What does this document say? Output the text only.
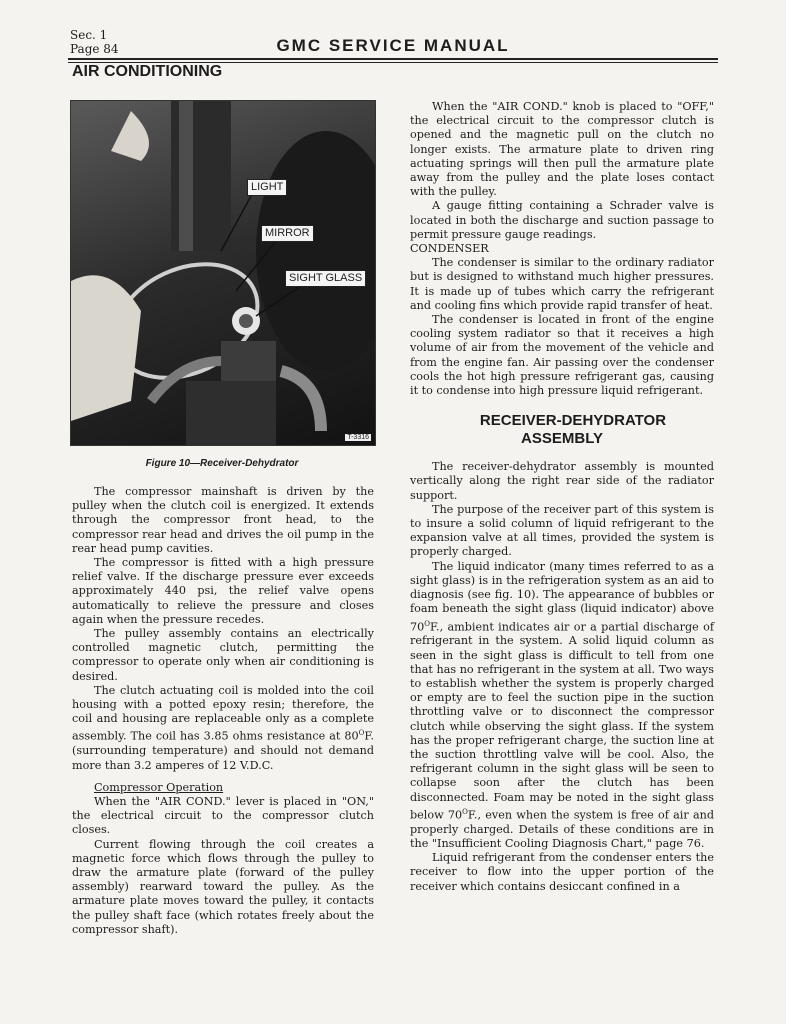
Sec. 1
Page 84	GMC SERVICE MANUAL
AIR CONDITIONING
LIGHT
MIRROR
SIGHT GLASS
T-3316
Figure 10—Receiver-Dehydrator

The compressor mainshaft is driven by the pulley when the clutch coil is energized. It extends through the compressor front head, to the compressor rear head and drives the oil pump in the rear head pump cavities.

The compressor is fitted with a high pressure relief valve. If the discharge pressure ever exceeds approximately 440 psi, the relief valve opens automatically to relieve the pressure and closes again when the pressure recedes.

The pulley assembly contains an electrically controlled magnetic clutch, permitting the compressor to operate only when air conditioning is desired.

The clutch actuating coil is molded into the coil housing with a potted epoxy resin; therefore, the coil and housing are replaceable only as a complete assembly. The coil has 3.85 ohms resistance at $80^OF$. (surrounding temperature) and should not demand more than 3.2 amperes of 12 V.D.C.

Compressor Operation

When the "AIR COND." lever is placed in "ON," the electrical circuit to the compressor clutch closes.

Current flowing through the coil creates a magnetic force which flows through the pulley to draw the armature plate (forward of the pulley assembly) rearward toward the pulley. As the armature plate moves toward the pulley, it contacts the pulley shaft face (which rotates freely about the compressor shaft).

When the "AIR COND." knob is placed to "OFF," the electrical circuit to the compressor clutch is opened and the magnetic pull on the clutch no longer exists. The armature plate to driven ring actuating springs will then pull the armature plate away from the pulley and the plate loses contact with the pulley.

A gauge fitting containing a Schrader valve is located in both the discharge and suction passage to permit pressure gauge readings.

CONDENSER

The condenser is similar to the ordinary radiator but is designed to withstand much higher pressures. It is made up of tubes which carry the refrigerant and cooling fins which provide rapid transfer of heat.

The condenser is located in front of the engine cooling system radiator so that it receives a high volume of air from the movement of the vehicle and from the engine fan. Air passing over the condenser cools the hot high pressure refrigerant gas, causing it to condense into high pressure liquid refrigerant.

RECEIVER-DEHYDRATOR
ASSEMBLY

The receiver-dehydrator assembly is mounted vertically along the right rear side of the radiator support.

The purpose of the receiver part of this system is to insure a solid column of liquid refrigerant to the expansion valve at all times, provided the system is properly charged.

The liquid indicator (many times referred to as a sight glass) is in the refrigeration system as an aid to diagnosis (see fig. 10). The appearance of bubbles or foam beneath the sight glass (liquid indicator) above $70^OF$., ambient indicates air or a partial discharge of refrigerant in the system. A solid liquid column as seen in the sight glass is difficult to tell from one that has no refrigerant in the system at all. Two ways to establish whether the system is properly charged or empty are to feel the suction pipe in the suction throttling valve or to disconnect the compressor clutch while observing the sight glass. If the system has the proper refrigerant charge, the suction line at the suction throttling valve will be cool. Also, the refrigerant column in the sight glass will be seen to collapse soon after the clutch has been disconnected. Foam may be noted in the sight glass below $70^OF$., even when the system is free of air and properly charged. Details of these conditions are in the "Insufficient Cooling Diagnosis Chart," page 76.

Liquid refrigerant from the condenser enters the receiver to flow into the upper portion of the receiver which contains desiccant confined in a
